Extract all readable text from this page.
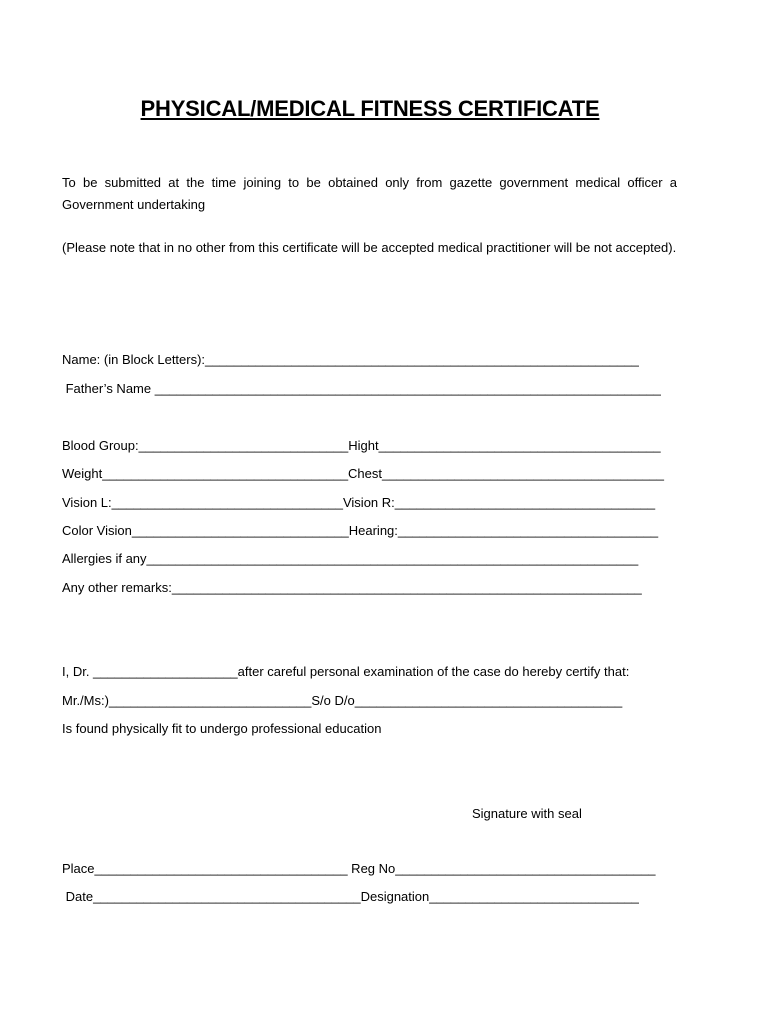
PHYSICAL/MEDICAL FITNESS CERTIFICATE

To be submitted at the time joining to be obtained only from gazette government medical officer a Government undertaking

(Please note that in no other from this certificate will be accepted medical practitioner will be not accepted).

Name: (in Block Letters):____________________________________________________________
Father’s Name ______________________________________________________________________
Blood Group:_____________________________Hight_______________________________________
Weight__________________________________Chest_______________________________________
Vision L:________________________________Vision R:____________________________________
Color Vision______________________________Hearing:____________________________________
Allergies if any____________________________________________________________________
Any other remarks:_________________________________________________________________
I, Dr. ____________________after careful personal examination of the case do hereby certify that:
Mr./Ms:)____________________________S/o D/o_____________________________________
Is found physically fit to undergo professional education
Signature with seal
Place___________________________________ Reg No____________________________________
Date_____________________________________Designation_____________________________
